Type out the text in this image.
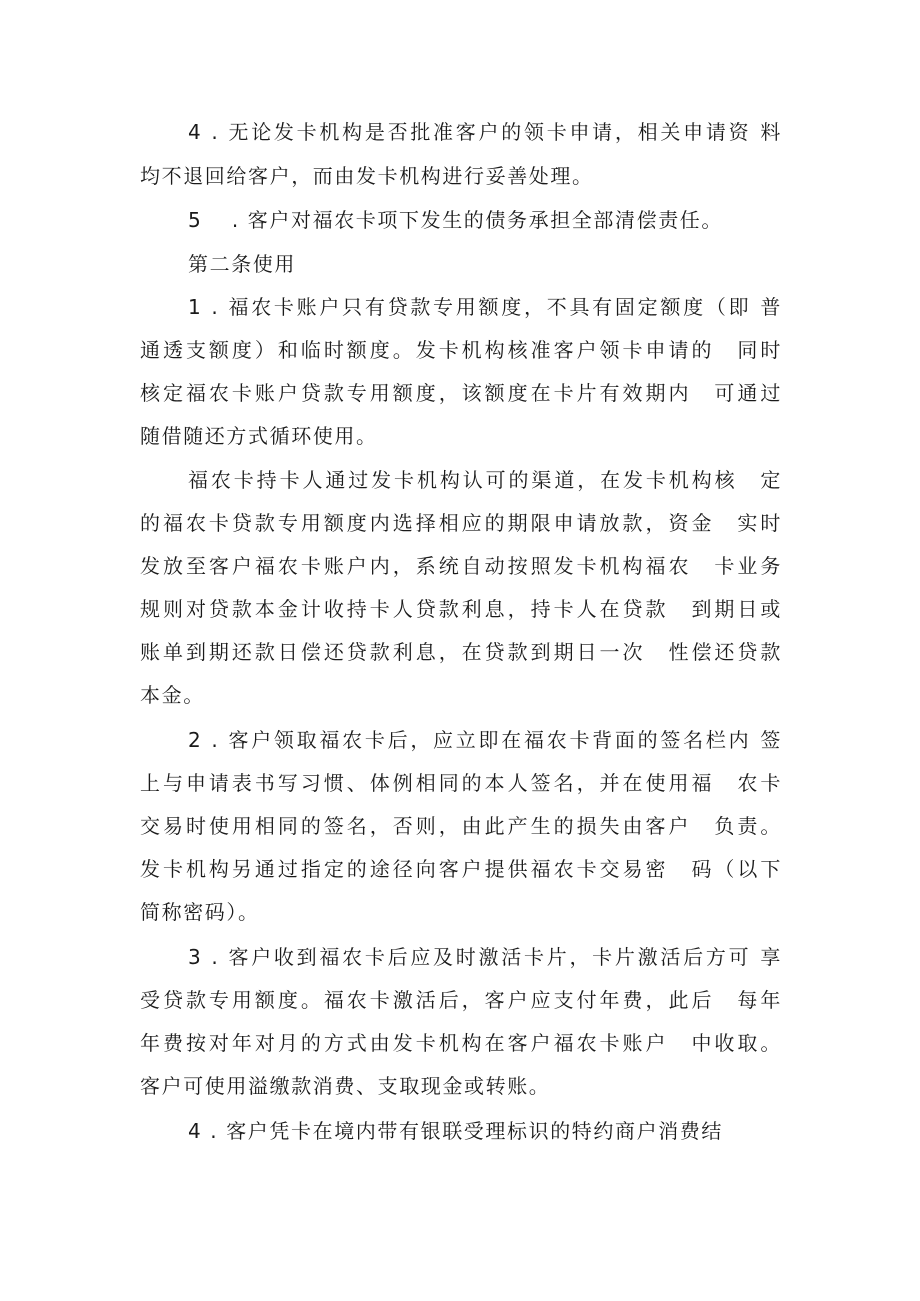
4 . 无论发卡机构是否批准客户的领卡申请，相关申请资 料
均不退回给客户，而由发卡机构进行妥善处理。
5　 . 客户对福农卡项下发生的债务承担全部清偿责任。
第二条使用
1 . 福农卡账户只有贷款专用额度，不具有固定额度（即 普
通透支额度）和临时额度。发卡机构核准客户领卡申请的　同时
核定福农卡账户贷款专用额度，该额度在卡片有效期内　可通过
随借随还方式循环使用。
福农卡持卡人通过发卡机构认可的渠道，在发卡机构核　定
的福农卡贷款专用额度内选择相应的期限申请放款，资金　实时
发放至客户福农卡账户内，系统自动按照发卡机构福农　卡业务
规则对贷款本金计收持卡人贷款利息，持卡人在贷款　到期日或
账单到期还款日偿还贷款利息，在贷款到期日一次　性偿还贷款
本金。
2 . 客户领取福农卡后，应立即在福农卡背面的签名栏内 签
上与申请表书写习惯、体例相同的本人签名，并在使用福　农卡
交易时使用相同的签名，否则，由此产生的损失由客户　负责。
发卡机构另通过指定的途径向客户提供福农卡交易密　码（以下
简称密码）。
3 . 客户收到福农卡后应及时激活卡片，卡片激活后方可 享
受贷款专用额度。福农卡激活后，客户应支付年费，此后　每年
年费按对年对月的方式由发卡机构在客户福农卡账户　中收取。
客户可使用溢缴款消费、支取现金或转账。
4 . 客户凭卡在境内带有银联受理标识的特约商户消费结
